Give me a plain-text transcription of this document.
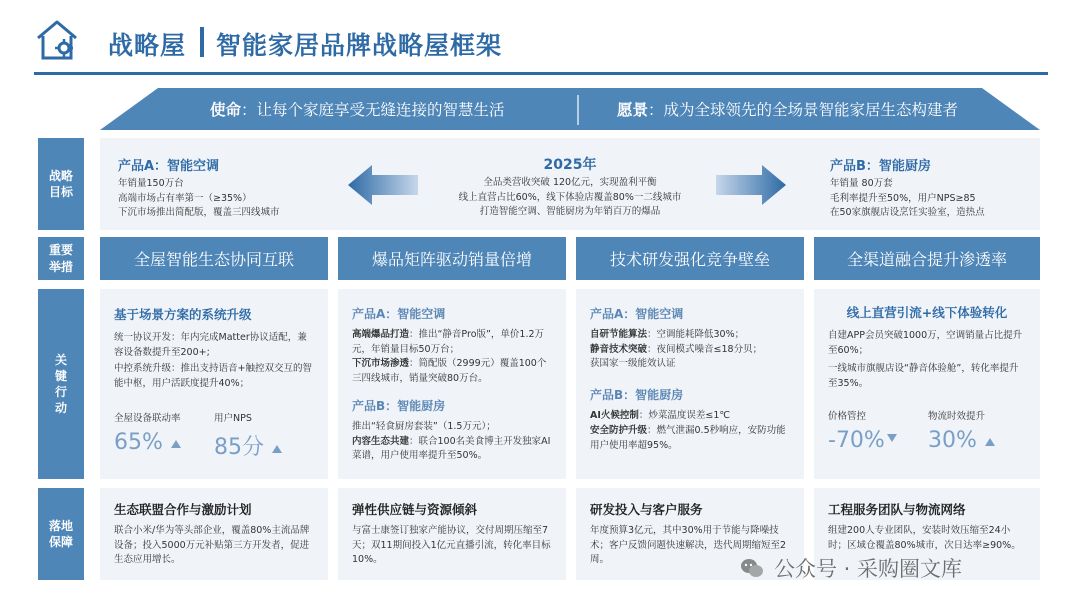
战略屋 智能家居品牌战略屋框架
使命：让每个家庭享受无缝连接的智慧生活	愿景：成为全球领先的全场景智能家居生态构建者
战略
目标
重要
举措
关
键
行
动
落地
保障
产品A：智能空调
年销量150万台
高端市场占有率第一（≥35%）
下沉市场推出简配版，覆盖三四线城市
2025年
全品类营收突破 120亿元，实现盈利平衡
线上直营占比60%，线下体验店覆盖80%一二线城市
打造智能空调、智能厨房为年销百万的爆品
产品B：智能厨房
年销量 80万套
毛利率提升至50%，用户NPS≥85
在50家旗舰店设烹饪实验室，造热点
全屋智能生态协同互联	爆品矩阵驱动销量倍增	技术研发强化竞争壁垒	全渠道融合提升渗透率
基于场景方案的系统升级
统一协议开发：年内完成Matter协议适配，兼容设备数提升至200+;
中控系统升级：推出支持语音+触控双交互的智能中枢，用户活跃度提升40%；
全屋设备联动率
65%
用户NPS
85分
产品A：智能空调
高端爆品打造：推出“静音Pro版”，单价1.2万元，年销量目标50万台；
下沉市场渗透：简配版（2999元）覆盖100个三四线城市，销量突破80万台。
产品B：智能厨房
推出“轻食厨房套装”（1.5万元）；
内容生态共建：联合100名美食博主开发独家AI菜谱，用户使用率提升至50%。
产品A：智能空调
自研节能算法：空调能耗降低30%；
静音技术突破：夜间模式噪音≤18分贝；
获国家一级能效认证
产品B：智能厨房
AI火候控制：炒菜温度误差≤1℃
安全防护升级：燃气泄漏0.5秒响应，安防功能用户使用率超95%。
线上直营引流+线下体验转化
自建APP会员突破1000万，空调销量占比提升至60%；
一线城市旗舰店设“静音体验舱”，转化率提升至35%。
价格管控
-70%
物流时效提升
30%
生态联盟合作与激励计划
联合小米/华为等头部企业，覆盖80%主流品牌设备；投入5000万元补贴第三方开发者，促进生态应用增长。
弹性供应链与资源倾斜
与富士康签订独家产能协议，交付周期压缩至7天；双11期间投入1亿元直播引流，转化率目标10%。
研发投入与客户服务
年度预算3亿元，其中30%用于节能与降噪技术；客户反馈问题快速解决，迭代周期缩短至2周。
工程服务团队与物流网络
组建200人专业团队，安装时效压缩至24小时；区域仓覆盖80%城市，次日达率≥90%。
公众号 · 采购圈文库
